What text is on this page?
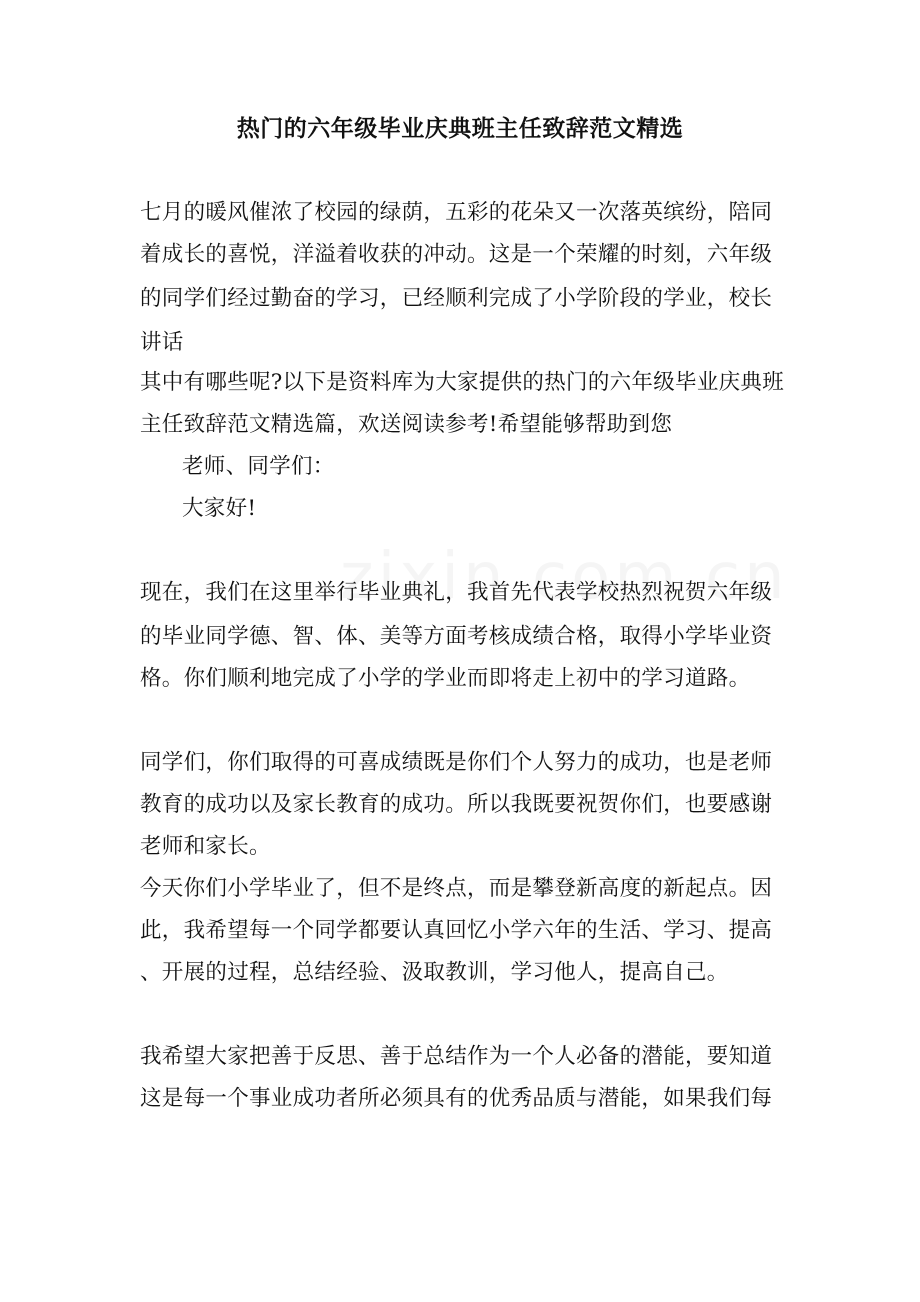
热门的六年级毕业庆典班主任致辞范文精选
七月的暖风催浓了校园的绿荫，五彩的花朵又一次落英缤纷，陪同
着成长的喜悦，洋溢着收获的冲动。这是一个荣耀的时刻，六年级
的同学们经过勤奋的学习，已经顺利完成了小学阶段的学业，校长
讲话
其中有哪些呢?以下是资料库为大家提供的热门的六年级毕业庆典班
主任致辞范文精选篇，欢送阅读参考!希望能够帮助到您
老师、同学们：
大家好!
现在，我们在这里举行毕业典礼，我首先代表学校热烈祝贺六年级
的毕业同学德、智、体、美等方面考核成绩合格，取得小学毕业资
格。你们顺利地完成了小学的学业而即将走上初中的学习道路。
同学们，你们取得的可喜成绩既是你们个人努力的成功，也是老师
教育的成功以及家长教育的成功。所以我既要祝贺你们，也要感谢
老师和家长。
今天你们小学毕业了，但不是终点，而是攀登新高度的新起点。因
此，我希望每一个同学都要认真回忆小学六年的生活、学习、提高
、开展的过程，总结经验、汲取教训，学习他人，提高自己。
我希望大家把善于反思、善于总结作为一个人必备的潜能，要知道
这是每一个事业成功者所必须具有的优秀品质与潜能，如果我们每
